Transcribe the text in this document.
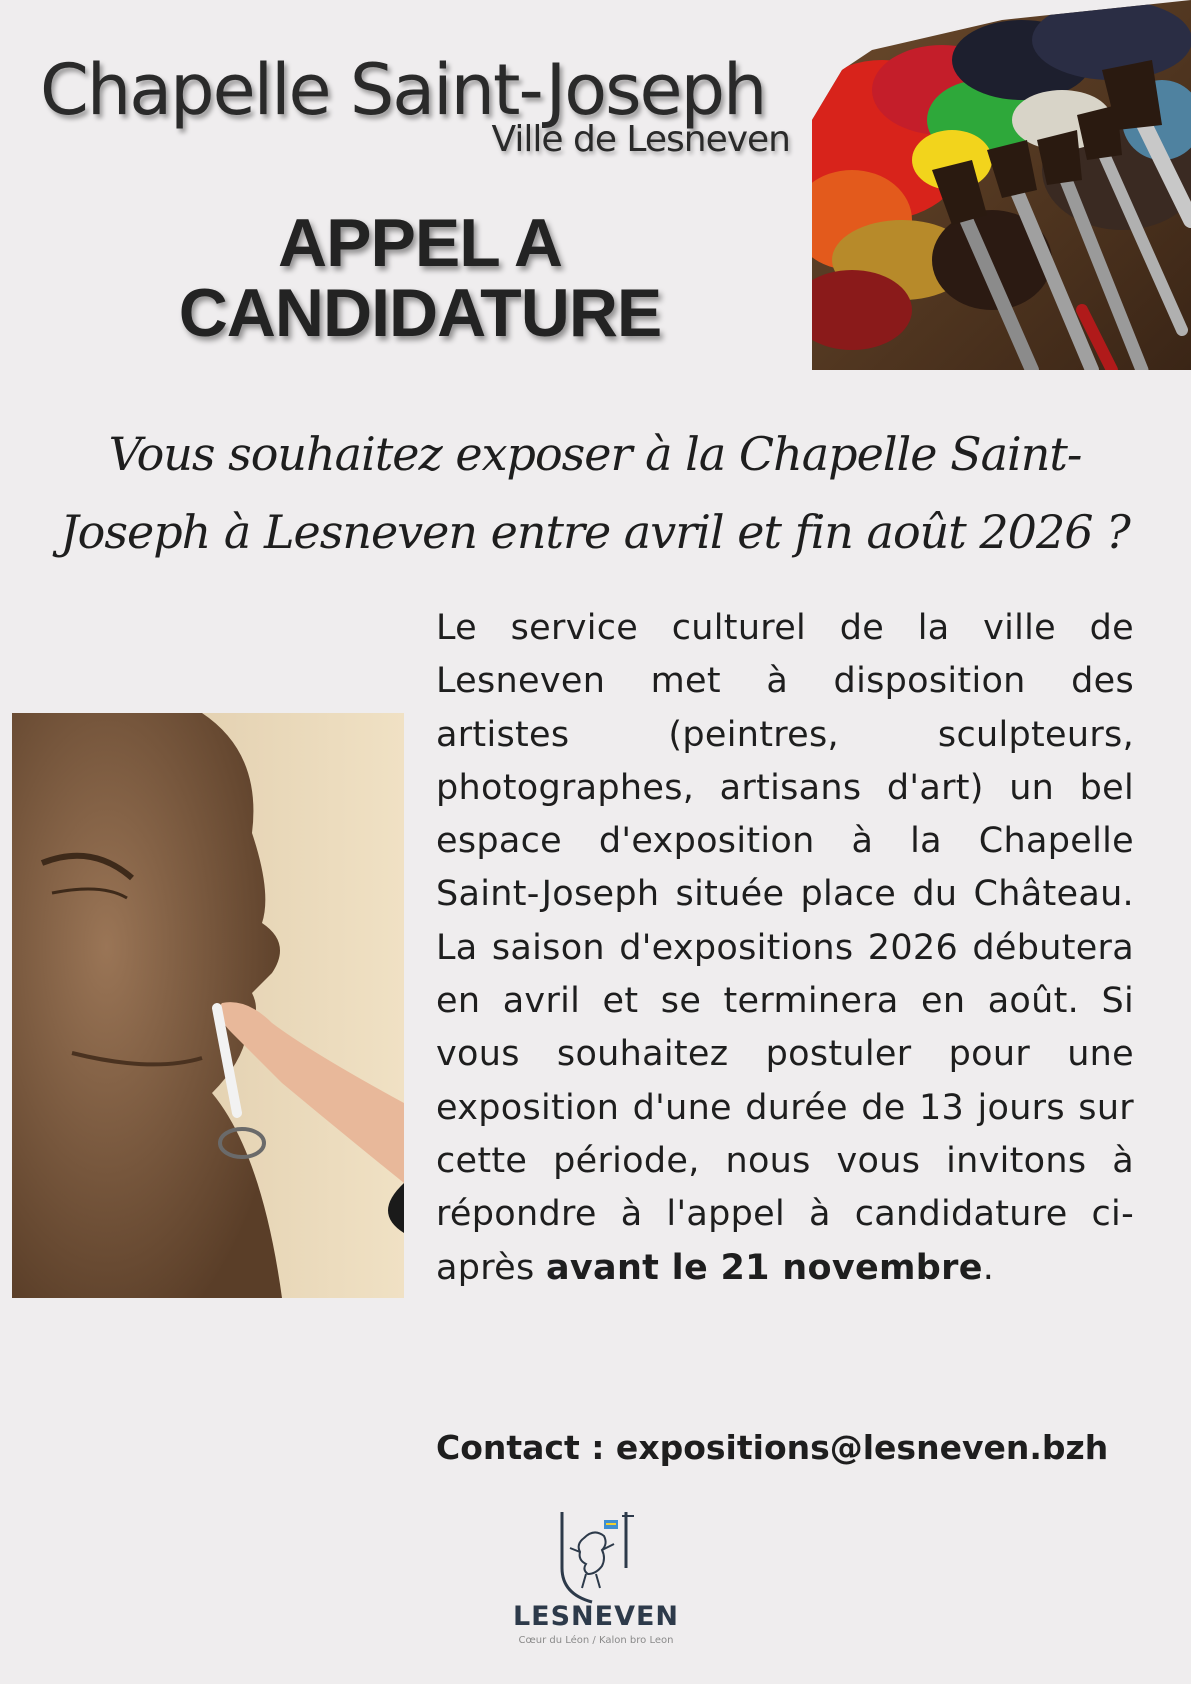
Chapelle Saint-Joseph
Ville de Lesneven
APPEL A
CANDIDATURE
Vous souhaitez exposer à la Chapelle Saint-
Joseph à Lesneven entre avril et fin août 2026 ?
Le service culturel de la ville de Lesneven met à disposition des artistes (peintres, sculpteurs, photographes, artisans d'art) un bel espace d'exposition à la Chapelle Saint-Joseph située place du Château. La saison d'expositions 2026 débutera en avril et se terminera en août. Si vous souhaitez postuler pour une exposition d'une durée de 13 jours sur cette période, nous vous invitons à répondre à l'appel à candidature ci-après avant le 21 novembre.
Contact : expositions@lesneven.bzh
LESNEVEN
Cœur du Léon / Kalon bro Leon
